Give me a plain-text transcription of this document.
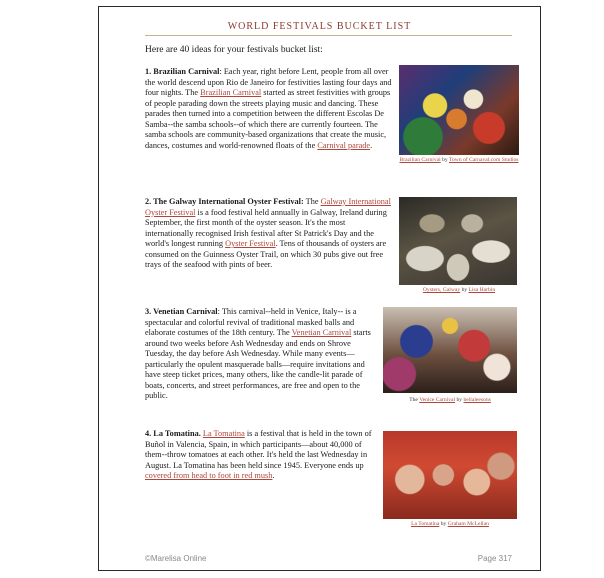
WORLD FESTIVALS BUCKET LIST
Here are 40 ideas for your festivals bucket list:
1. Brazilian Carnival: Each year, right before Lent, people from all over the world descend upon Rio de Janeiro for festivities lasting four days and four nights. The Brazilian Carnival started as street festivities with groups of people parading down the streets playing music and dancing. These parades then turned into a competition between the different Escolas De Samba--the samba schools--of which there are currently fourteen. The samba schools are community-based organizations that create the music, dances, costumes and world-renowned floats of the Carnival parade.
Brazilian Carnival by Town of Carnaval.com Studios
2. The Galway International Oyster Festival: The Galway International Oyster Festival is a food festival held annually in Galway, Ireland during September, the first month of the oyster season. It's the most internationally recognised Irish festival after St Patrick's Day and the world's longest running Oyster Festival. Tens of thousands of oysters are consumed on the Guinness Oyster Trail, on which 30 pubs give out free trays of the seafood with pints of beer.
Oysters, Galway by Lisa Harbin
3. Venetian Carnival: This carnival--held in Venice, Italy-- is a spectacular and colorful revival of traditional masked balls and elaborate costumes of the 18th century. The Venetian Carnival starts around two weeks before Ash Wednesday and ends on Shrove Tuesday, the day before Ash Wednesday. While many events—particularly the opulent masquerade balls—require invitations and have steep ticket prices, many others, like the candle-lit parade of boats, concerts, and street performances, are free and open to the public.	The Venice Carnival by bellaleesons
4. La Tomatina. La Tomatina is a festival that is held in the town of Buñol in Valencia, Spain, in which participants—about 40,000 of them--throw tomatoes at each other. It's held the last Wednesday in August. La Tomatina has been held since 1945. Everyone ends up covered from head to foot in red mush.
La Tomatina by Graham McLellan
©Marelisa Online	Page 317
